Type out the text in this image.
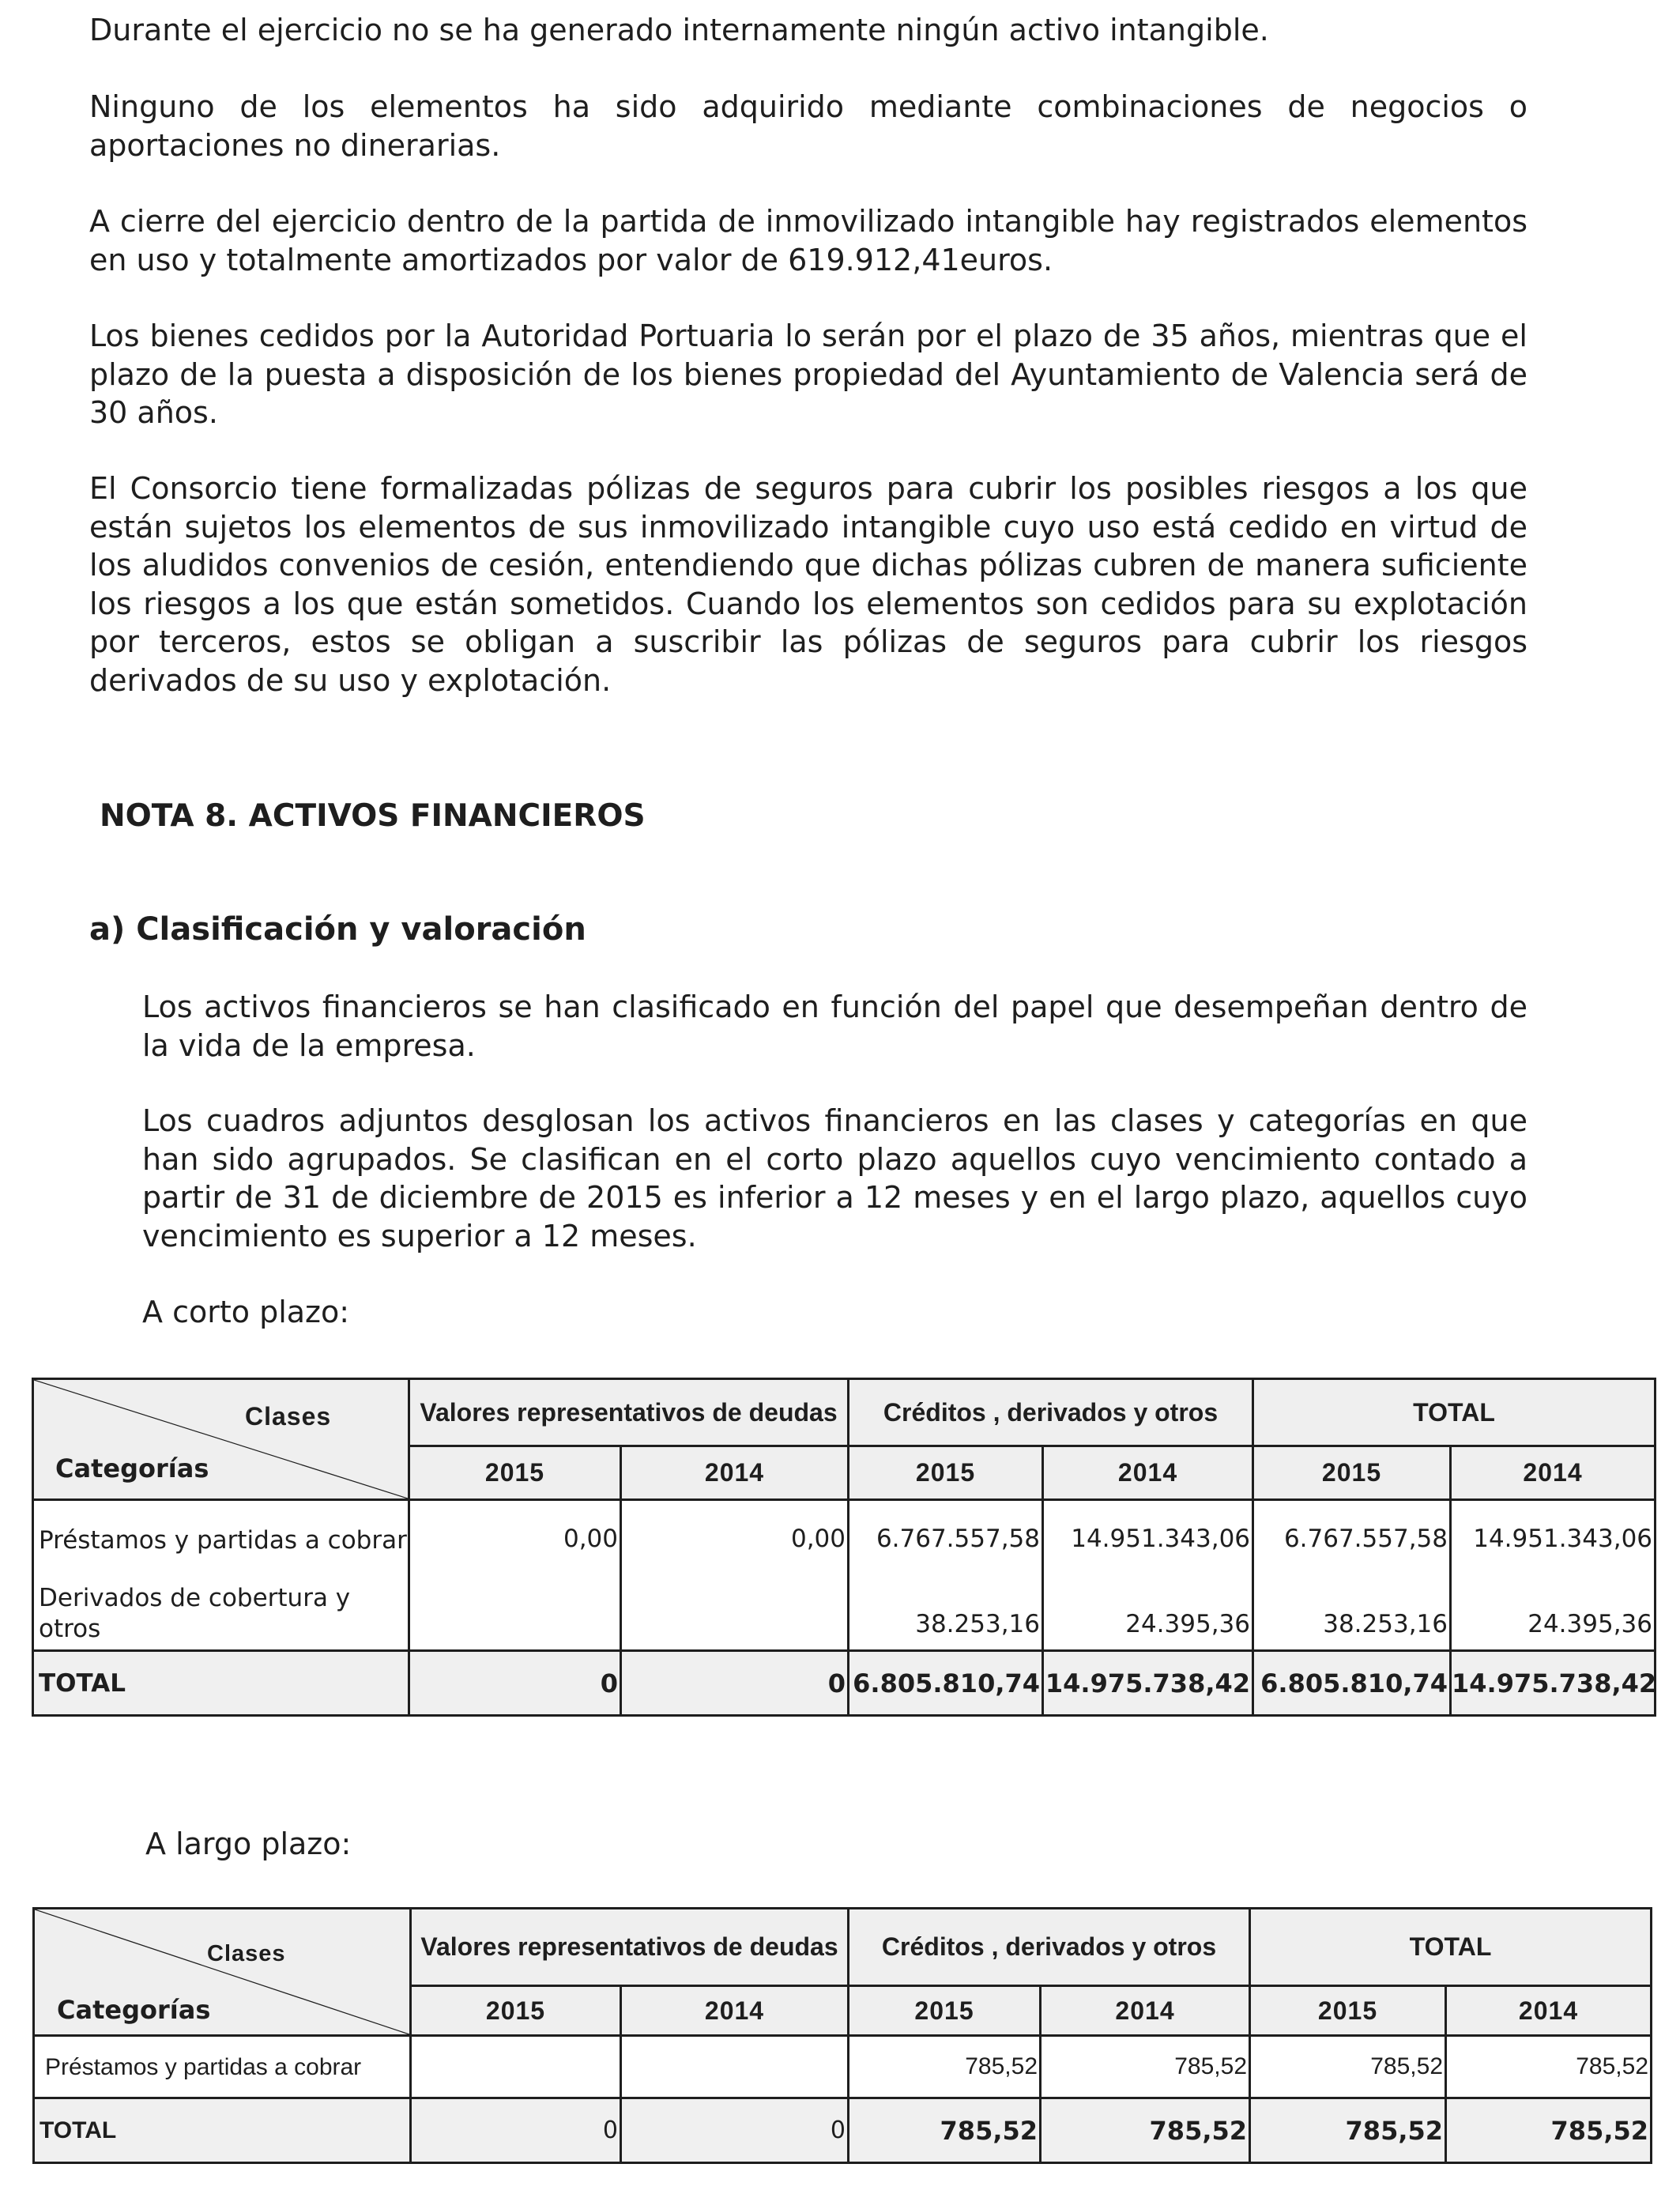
Durante el ejercicio no se ha generado internamente ningún activo intangible.

Ninguno de los elementos ha sido adquirido mediante combinaciones de negocios o aportaciones no dinerarias.

A cierre del ejercicio dentro de la partida de inmovilizado intangible hay registrados elementos en uso y totalmente amortizados por valor de 619.912,41euros.

Los bienes cedidos por la Autoridad Portuaria lo serán por el plazo de 35 años, mientras que el plazo de la puesta a disposición de los bienes propiedad del Ayuntamiento de Valencia será de 30 años.

El Consorcio tiene formalizadas pólizas de seguros para cubrir los posibles riesgos a los que están sujetos los elementos de sus inmovilizado intangible cuyo uso está cedido en virtud de los aludidos convenios de cesión, entendiendo que dichas pólizas cubren de manera suficiente los riesgos a los que están sometidos. Cuando los elementos son cedidos para su explotación por terceros, estos se obligan a suscribir las pólizas de seguros para cubrir los riesgos derivados de su uso y explotación.

NOTA 8. ACTIVOS FINANCIEROS
a) Clasificación y valoración

Los activos financieros se han clasificado en función del papel que desempeñan dentro de la vida de la empresa.

Los cuadros adjuntos desglosan los activos financieros en las clases y categorías en que han sido agrupados. Se clasifican en el corto plazo aquellos cuyo vencimiento contado a partir de 31 de diciembre de 2015 es inferior a 12 meses y en el largo plazo, aquellos cuyo vencimiento es superior a 12 meses.

A corto plazo:

Clases
Categorías	Valores representativos de deudas		Créditos , derivados y otros		TOTAL	
	2015	2014	2015	2014	2015	2014
Préstamos y partidas a cobrar	0,00	0,00	6.767.557,58	14.951.343,06	6.767.557,58	14.951.343,06
Derivados de cobertura y otros			38.253,16	24.395,36	38.253,16	24.395,36
TOTAL	0	0	6.805.810,74	14.975.738,42	6.805.810,74	14.975.738,42

A largo plazo:

Clases
Categorías	Valores representativos de deudas		Créditos , derivados y otros		TOTAL	
	2015	2014	2015	2014	2015	2014
Préstamos y partidas a cobrar			785,52	785,52	785,52	785,52
TOTAL	0	0	785,52	785,52	785,52	785,52
